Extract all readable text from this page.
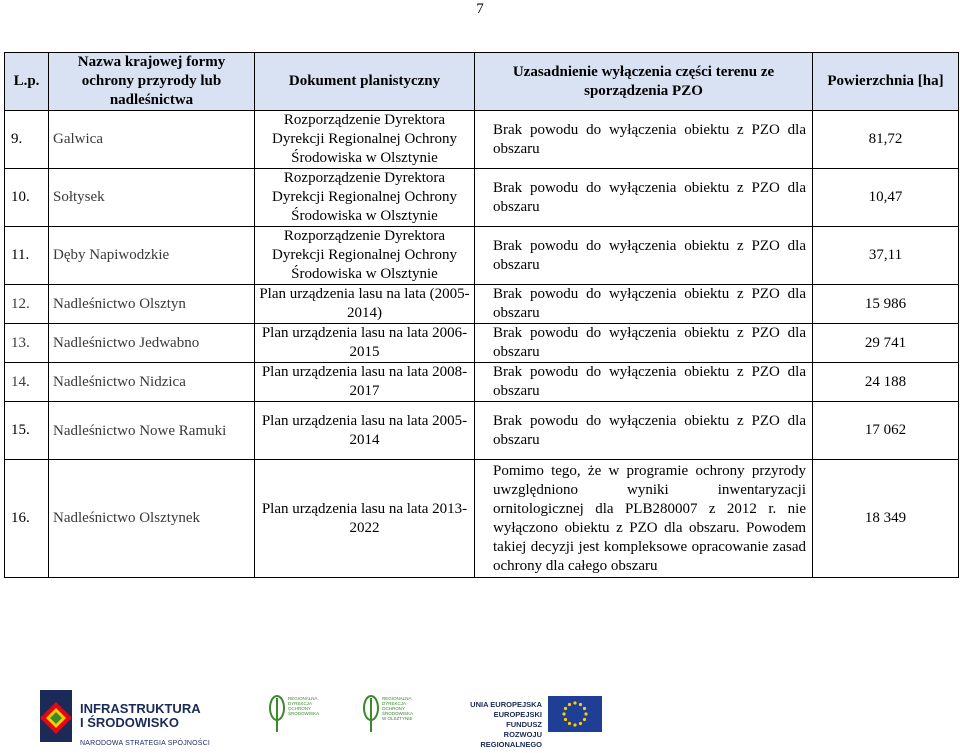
7
L.p.	Nazwa krajowej formy ochrony przyrody lub nadleśnictwa	Dokument planistyczny	Uzasadnienie wyłączenia części terenu ze sporządzenia PZO	Powierzchnia [ha]
9.	Galwica	Rozporządzenie Dyrektora Dyrekcji Regionalnej Ochrony Środowiska w Olsztynie	Brak powodu do wyłączenia obiektu z PZO dla obszaru	81,72
10.	Sołtysek	Rozporządzenie Dyrektora Dyrekcji Regionalnej Ochrony Środowiska w Olsztynie	Brak powodu do wyłączenia obiektu z PZO dla obszaru	10,47
11.	Dęby Napiwodzkie	Rozporządzenie Dyrektora Dyrekcji Regionalnej Ochrony Środowiska w Olsztynie	Brak powodu do wyłączenia obiektu z PZO dla obszaru	37,11
12.	Nadleśnictwo Olsztyn	Plan urządzenia lasu na lata (2005-2014)	Brak powodu do wyłączenia obiektu z PZO dla obszaru	15 986
13.	Nadleśnictwo Jedwabno	Plan urządzenia lasu na lata 2006-2015	Brak powodu do wyłączenia obiektu z PZO dla obszaru	29 741
14.	Nadleśnictwo Nidzica	Plan urządzenia lasu na lata 2008-2017	Brak powodu do wyłączenia obiektu z PZO dla obszaru	24 188
15.	Nadleśnictwo Nowe Ramuki	Plan urządzenia lasu na lata 2005-2014	Brak powodu do wyłączenia obiektu z PZO dla obszaru	17 062
16.	Nadleśnictwo Olsztynek	Plan urządzenia lasu na lata 2013-2022	Pomimo tego, że w programie ochrony przyrody uwzględniono wyniki inwentaryzacji ornitologicznej dla PLB280007 z 2012 r. nie wyłączono obiektu z PZO dla obszaru. Powodem takiej decyzji jest kompleksowe opracowanie zasad ochrony dla całego obszaru	18 349
INFRASTRUKTURA
I ŚRODOWISKO
NARODOWA STRATEGIA SPÓJNOŚCI
REGIONALNA
DYREKCJA
OCHRONY
ŚRODOWISKA
REGIONALNA
DYREKCJA
OCHRONY
ŚRODOWISKA
W OLSZTYNIE
UNIA EUROPEJSKA
EUROPEJSKI FUNDUSZ
ROZWOJU REGIONALNEGO
